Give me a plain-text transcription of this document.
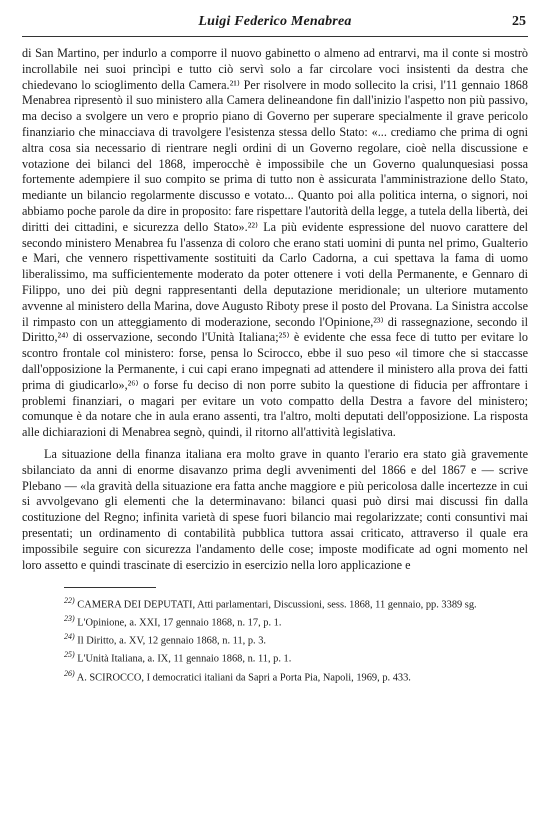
Luigi Federico Menabrea	25

di San Martino, per indurlo a comporre il nuovo gabinetto o almeno ad entrarvi, ma il conte si mostrò incrollabile nei suoi princìpi e tutto ciò servì solo a far circolare voci insistenti da destra che chiedevano lo scioglimento della Camera.²¹⁾ Per risolvere in modo sollecito la crisi, l'11 gennaio 1868 Menabrea ripresentò il suo ministero alla Camera delineandone fin dall'inizio l'aspetto non più passivo, ma deciso a svolgere un vero e proprio piano di Governo per superare specialmente il grave pericolo finanziario che minacciava di travolgere l'esistenza stessa dello Stato: «... crediamo che prima di ogni altra cosa sia necessario di rientrare negli ordini di un Governo regolare, cioè nella discussione e votazione dei bilanci del 1868, imperocchè è impossibile che un Governo qualunquesiasi possa fortemente adempiere il suo compito se prima di tutto non è assicurata l'amministrazione dello Stato, mediante un bilancio regolarmente discusso e votato... Quanto poi alla politica interna, o signori, noi abbiamo poche parole da dire in proposito: fare rispettare l'autorità della legge, a tutela della libertà, dei diritti dei cittadini, e sicurezza dello Stato».²²⁾ La più evidente espressione del nuovo carattere del secondo ministero Menabrea fu l'assenza di coloro che erano stati uomini di punta nel primo, Gualterio e Mari, che vennero rispettivamente sostituiti da Carlo Cadorna, a cui spettava la fama di uomo liberalissimo, ma sufficientemente moderato da poter ottenere i voti della Permanente, e Gennaro di Filippo, uno dei più degni rappresentanti della deputazione meridionale; un ulteriore mutamento avvenne al ministero della Marina, dove Augusto Riboty prese il posto del Provana. La Sinistra accolse il rimpasto con un atteggiamento di moderazione, secondo l'Opinione,²³⁾ di rassegnazione, secondo il Diritto,²⁴⁾ di osservazione, secondo l'Unità Italiana;²⁵⁾ è evidente che essa fece di tutto per evitare lo scontro frontale col ministero: forse, pensa lo Scirocco, ebbe il suo peso «il timore che si staccasse dall'opposizione la Permanente, i cui capi erano impegnati ad attendere il ministero alla prova dei fatti prima di giudicarlo»,²⁶⁾ o forse fu deciso di non porre subito la questione di fiducia per affrontare i problemi finanziari, o magari per evitare un voto compatto della Destra a favore del ministero; comunque è da notare che in aula erano assenti, tra l'altro, molti deputati dell'opposizione. La risposta alle dichiarazioni di Menabrea segnò, quindi, il ritorno all'attività legislativa.

La situazione della finanza italiana era molto grave in quanto l'erario era stato già gravemente sbilanciato da anni di enorme disavanzo prima degli avvenimenti del 1866 e del 1867 e — scrive Plebano — «la gravità della situazione era fatta anche maggiore e più pericolosa dalle incertezze in cui si avvolgevano gli elementi che la determinavano: bilanci quasi può dirsi mai discussi fin dalla costituzione del Regno; infinita varietà di spese fuori bilancio mai regolarizzate; conti consuntivi mai presentati; un ordinamento di contabilità pubblica tuttora assai criticato, attraverso il quale era impossibile seguire con sicurezza l'andamento delle cose; imposte modificate ad ogni momento nel loro assetto e quindi trascinate di esercizio in esercizio nella loro applicazione e

$^{22)}$ CAMERA DEI DEPUTATI, Atti parlamentari, Discussioni, sess. 1868, 11 gennaio, pp. 3389 sg.

$^{23)}$ L'Opinione, a. XXI, 17 gennaio 1868, n. 17, p. 1.

$^{24)}$ Il Diritto, a. XV, 12 gennaio 1868, n. 11, p. 3.

$^{25)}$ L'Unità Italiana, a. IX, 11 gennaio 1868, n. 11, p. 1.

$^{26)}$ A. SCIROCCO, I democratici italiani da Sapri a Porta Pia, Napoli, 1969, p. 433.
